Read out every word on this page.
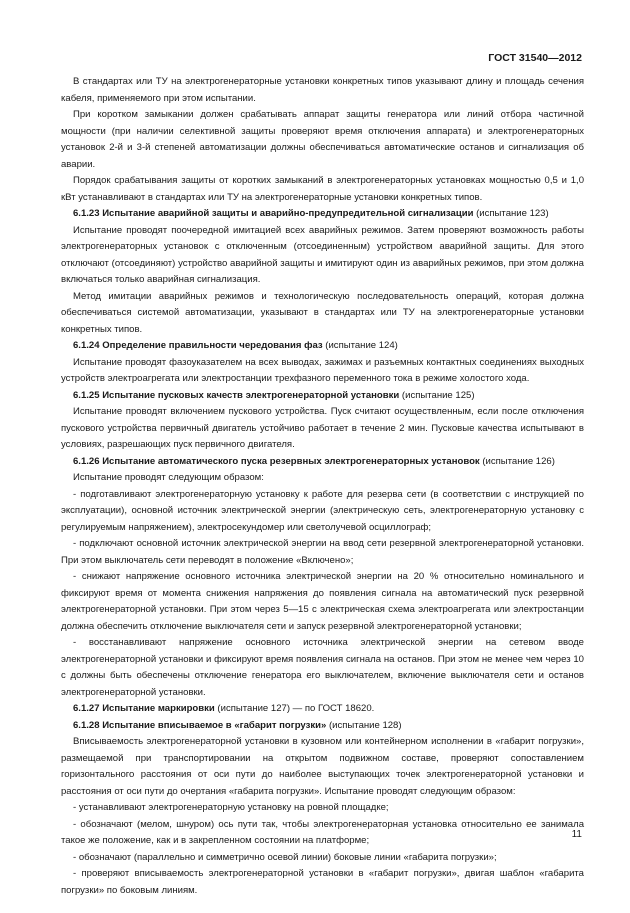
ГОСТ 31540—2012

В стандартах или ТУ на электрогенераторные установки конкретных типов указывают длину и площадь сечения кабеля, применяемого при этом испытании.

При коротком замыкании должен срабатывать аппарат защиты генератора или линий отбора частичной мощности (при наличии селективной защиты проверяют время отключения аппарата) и электрогенераторных установок 2-й и 3-й степеней автоматизации должны обеспечиваться автоматические останов и сигнализация об аварии.

Порядок срабатывания защиты от коротких замыканий в электрогенераторных установках мощностью 0,5 и 1,0 кВт устанавливают в стандартах или ТУ на электрогенераторные установки конкретных типов.

6.1.23 Испытание аварийной защиты и аварийно-предупредительной сигнализации (испытание 123)

Испытание проводят поочередной имитацией всех аварийных режимов. Затем проверяют возможность работы электрогенераторных установок с отключенным (отсоединенным) устройством аварийной защиты. Для этого отключают (отсоединяют) устройство аварийной защиты и имитируют один из аварийных режимов, при этом должна включаться только аварийная сигнализация.

Метод имитации аварийных режимов и технологическую последовательность операций, которая должна обеспечиваться системой автоматизации, указывают в стандартах или ТУ на электрогенераторные установки конкретных типов.

6.1.24 Определение правильности чередования фаз (испытание 124)

Испытание проводят фазоуказателем на всех выводах, зажимах и разъемных контактных соединениях выходных устройств электроагрегата или электростанции трехфазного переменного тока в режиме холостого хода.

6.1.25 Испытание пусковых качеств электрогенераторной установки (испытание 125)

Испытание проводят включением пускового устройства. Пуск считают осуществленным, если после отключения пускового устройства первичный двигатель устойчиво работает в течение 2 мин. Пусковые качества испытывают в условиях, разрешающих пуск первичного двигателя.

6.1.26 Испытание автоматического пуска резервных электрогенераторных установок (испытание 126)

Испытание проводят следующим образом:

- подготавливают электрогенераторную установку к работе для резерва сети (в соответствии с инструкцией по эксплуатации), основной источник электрической энергии (электрическую сеть, электрогенераторную установку с регулируемым напряжением), электросекундомер или светолучевой осциллограф;

- подключают основной источник электрической энергии на ввод сети резервной электрогенераторной установки. При этом выключатель сети переводят в положение «Включено»;

- снижают напряжение основного источника электрической энергии на 20 % относительно номинального и фиксируют время от момента снижения напряжения до появления сигнала на автоматический пуск резервной электрогенераторной установки. При этом через 5—15 с электрическая схема электроагрегата или электростанции должна обеспечить отключение выключателя сети и запуск резервной электрогенераторной установки;

- восстанавливают напряжение основного источника электрической энергии на сетевом вводе электрогенераторной установки и фиксируют время появления сигнала на останов. При этом не менее чем через 10 с должны быть обеспечены отключение генератора его выключателем, включение выключателя сети и останов электрогенераторной установки.

6.1.27 Испытание маркировки (испытание 127) — по ГОСТ 18620.

6.1.28 Испытание вписываемое в «габарит погрузки» (испытание 128)

Вписываемость электрогенераторной установки в кузовном или контейнерном исполнении в «габарит погрузки», размещаемой при транспортировании на открытом подвижном составе, проверяют сопоставлением горизонтального расстояния от оси пути до наиболее выступающих точек электрогенераторной установки и расстояния от оси пути до очертания «габарита погрузки». Испытание проводят следующим образом:

- устанавливают электрогенераторную установку на ровной площадке;

- обозначают (мелом, шнуром) ось пути так, чтобы электрогенераторная установка относительно ее занимала такое же положение, как и в закрепленном состоянии на платформе;

- обозначают (параллельно и симметрично осевой линии) боковые линии «габарита погрузки»;

- проверяют вписываемость электрогенераторной установки в «габарит погрузки», двигая шаблон «габарита погрузки» по боковым линиям.

11
